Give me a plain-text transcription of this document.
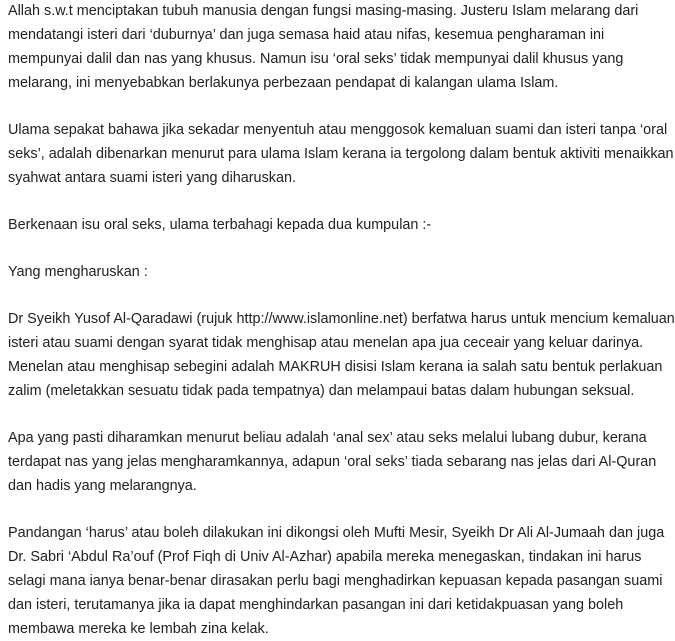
Allah s.w.t menciptakan tubuh manusia dengan fungsi masing-masing. Justeru Islam melarang dari
mendatangi isteri dari ‘duburnya’ dan juga semasa haid atau nifas, kesemua pengharaman ini
mempunyai dalil dan nas yang khusus. Namun isu ‘oral seks’ tidak mempunyai dalil khusus yang
melarang, ini menyebabkan berlakunya perbezaan pendapat di kalangan ulama Islam.

Ulama sepakat bahawa jika sekadar menyentuh atau menggosok kemaluan suami dan isteri tanpa ‘oral
seks’, adalah dibenarkan menurut para ulama Islam kerana ia tergolong dalam bentuk aktiviti menaikkan
syahwat antara suami isteri yang diharuskan.

Berkenaan isu oral seks, ulama terbahagi kepada dua kumpulan :-

Yang mengharuskan :

Dr Syeikh Yusof Al-Qaradawi (rujuk http://www.islamonline.net) berfatwa harus untuk mencium kemaluan
isteri atau suami dengan syarat tidak menghisap atau menelan apa jua ceceair yang keluar darinya.
Menelan atau menghisap sebegini adalah MAKRUH disisi Islam kerana ia salah satu bentuk perlakuan
zalim (meletakkan sesuatu tidak pada tempatnya) dan melampaui batas dalam hubungan seksual.

Apa yang pasti diharamkan menurut beliau adalah ‘anal sex’ atau seks melalui lubang dubur, kerana
terdapat nas yang jelas mengharamkannya, adapun ‘oral seks’ tiada sebarang nas jelas dari Al-Quran
dan hadis yang melarangnya.

Pandangan ‘harus’ atau boleh dilakukan ini dikongsi oleh Mufti Mesir, Syeikh Dr Ali Al-Jumaah dan juga
Dr. Sabri ‘Abdul Ra’ouf (Prof Fiqh di Univ Al-Azhar) apabila mereka menegaskan, tindakan ini harus
selagi mana ianya benar-benar dirasakan perlu bagi menghadirkan kepuasan kepada pasangan suami
dan isteri, terutamanya jika ia dapat menghindarkan pasangan ini dari ketidakpuasan yang boleh
membawa mereka ke lembah zina kelak.
